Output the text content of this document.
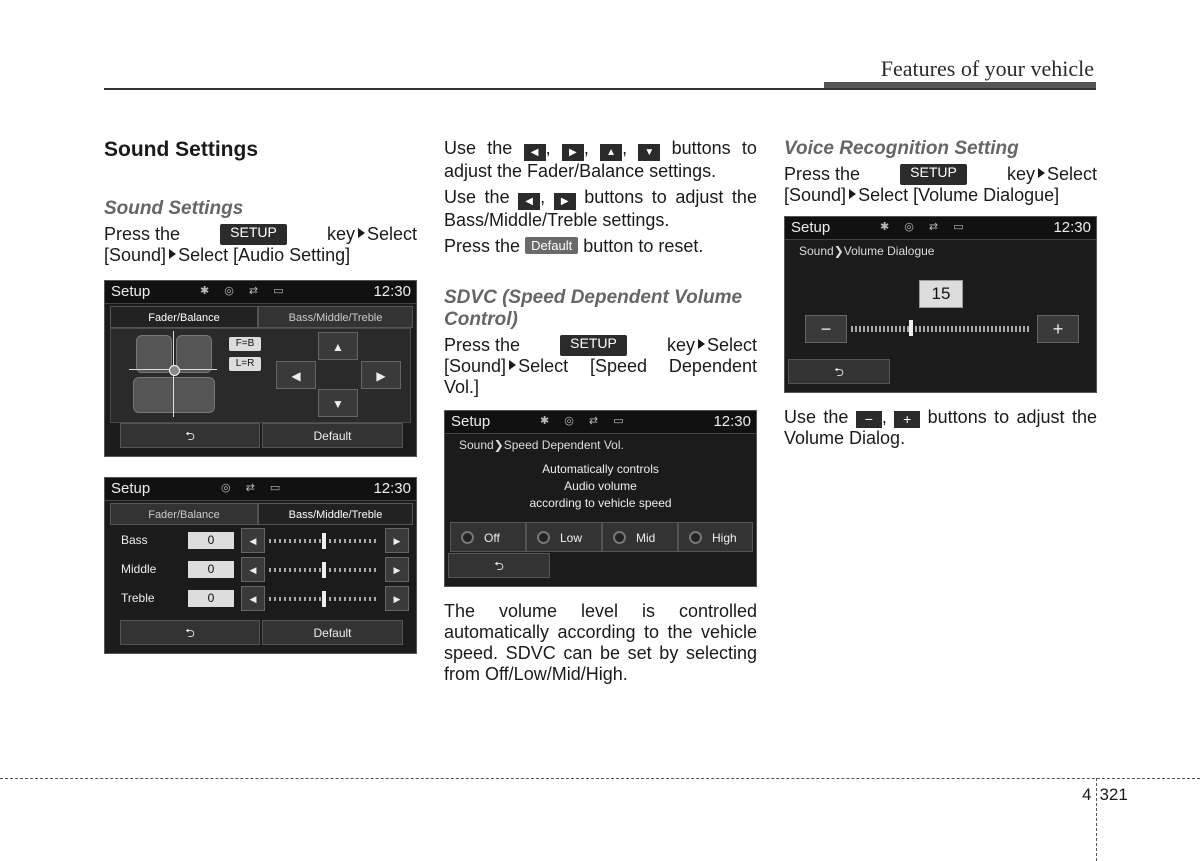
Features of your vehicle
Sound Settings
Sound Settings

Press the	SETUP	key Select
[Sound] Select [Audio Setting]

Setup	✱ ◎ ⇄ ▭	12:30
Fader/Balance	Bass/Middle/Treble
F=B
L=R
▲
◀	▶
▼
⮌	Default
Setup	◎ ⇄ ▭	12:30
Fader/Balance	Bass/Middle/Treble
Bass	0	◀	▶
Middle	0	◀	▶
Treble	0	◀	▶
⮌	Default

Use the ◀ , ▶ , ▲ , ▼ buttons to adjust the Fader/Balance settings.

Use the ◀ , ▶ buttons to adjust the Bass/Middle/Treble settings.

Press the Default button to reset.

SDVC (Speed Dependent Volume Control)

Press the	SETUP	key Select
[Sound] Select [Speed Dependent Vol.]

Setup	✱ ◎ ⇄ ▭	12:30
Sound❯Speed Dependent Vol.
Automatically controls
Audio volume
according to vehicle speed
Off	Low	Mid	High
⮌

The volume level is controlled automatically according to the vehicle speed. SDVC can be set by selecting from Off/Low/Mid/High.

Voice Recognition Setting

Press the	SETUP	key Select
[Sound] Select [Volume Dialogue]

Setup	✱ ◎ ⇄ ▭	12:30
Sound❯Volume Dialogue
15
−	+
⮌

Use the − , + buttons to adjust the Volume Dialog.

4 321
